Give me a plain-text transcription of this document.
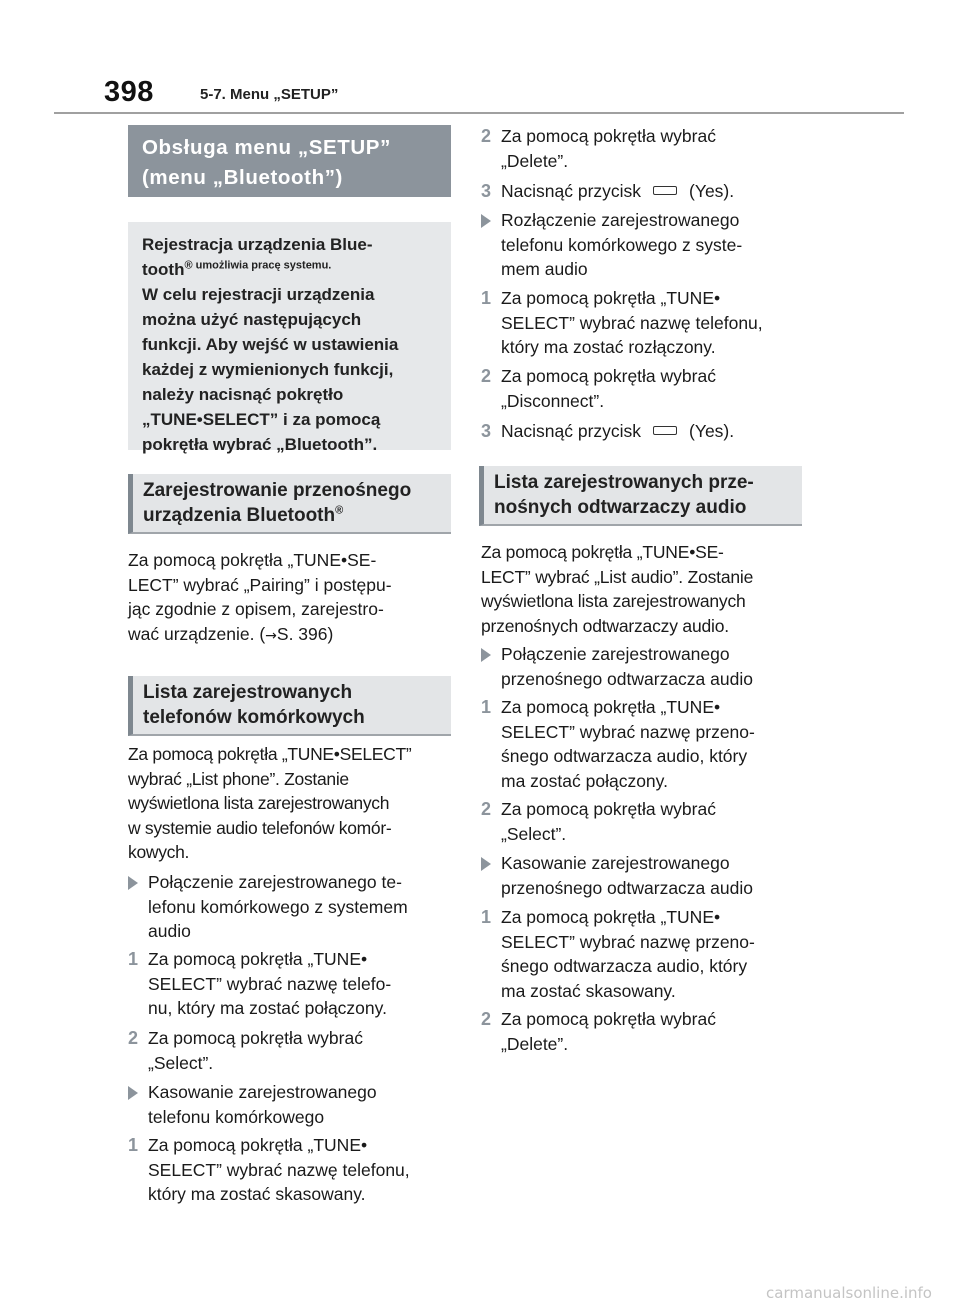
398	5-7. Menu „SETUP”
Obsługa menu „SETUP”
(menu „Bluetooth”)
Rejestracja urządzenia Blue-
tooth$^{® umożliwia pracę systemu.}$
W celu rejestracji urządzenia
można użyć następujących
funkcji. Aby wejść w ustawienia
każdej z wymienionych funkcji,
należy nacisnąć pokrętło
„TUNE•SELECT” i za pomocą
pokrętła wybrać „Bluetooth”.
Zarejestrowanie przenośnego
urządzenia Bluetooth®
Za pomocą pokrętła „TUNE•SE-
LECT” wybrać „Pairing” i postępu-
jąc zgodnie z opisem, zarejestro-
wać urządzenie. (→S. 396)
Lista zarejestrowanych
telefonów komórkowych
Za pomocą pokrętła „TUNE•SELECT”
wybrać „List phone”. Zostanie
wyświetlona lista zarejestrowanych
w systemie audio telefonów komór-
kowych.
Połączenie zarejestrowanego te-
lefonu komórkowego z systemem
audio
1 Za pomocą pokrętła „TUNE•
SELECT” wybrać nazwę telefo-
nu, który ma zostać połączony.
2 Za pomocą pokrętła wybrać
„Select”.
Kasowanie zarejestrowanego
telefonu komórkowego
1 Za pomocą pokrętła „TUNE•
SELECT” wybrać nazwę telefonu,
który ma zostać skasowany.
2 Za pomocą pokrętła wybrać
„Delete”.
3 Nacisnąć przycisk	(Yes).
Rozłączenie zarejestrowanego
telefonu komórkowego z syste-
mem audio
1 Za pomocą pokrętła „TUNE•
SELECT” wybrać nazwę telefonu,
który ma zostać rozłączony.
2 Za pomocą pokrętła wybrać
„Disconnect”.
3 Nacisnąć przycisk	(Yes).
Lista zarejestrowanych prze-
nośnych odtwarzaczy audio
Za pomocą pokrętła „TUNE•SE-
LECT” wybrać „List audio”. Zostanie
wyświetlona lista zarejestrowanych
przenośnych odtwarzaczy audio.
Połączenie zarejestrowanego
przenośnego odtwarzacza audio
1 Za pomocą pokrętła „TUNE•
SELECT” wybrać nazwę przeno-
śnego odtwarzacza audio, który
ma zostać połączony.
2 Za pomocą pokrętła wybrać
„Select”.
Kasowanie zarejestrowanego
przenośnego odtwarzacza audio
1 Za pomocą pokrętła „TUNE•
SELECT” wybrać nazwę przeno-
śnego odtwarzacza audio, który
ma zostać skasowany.
2 Za pomocą pokrętła wybrać
„Delete”.
carmanualsonline.info
